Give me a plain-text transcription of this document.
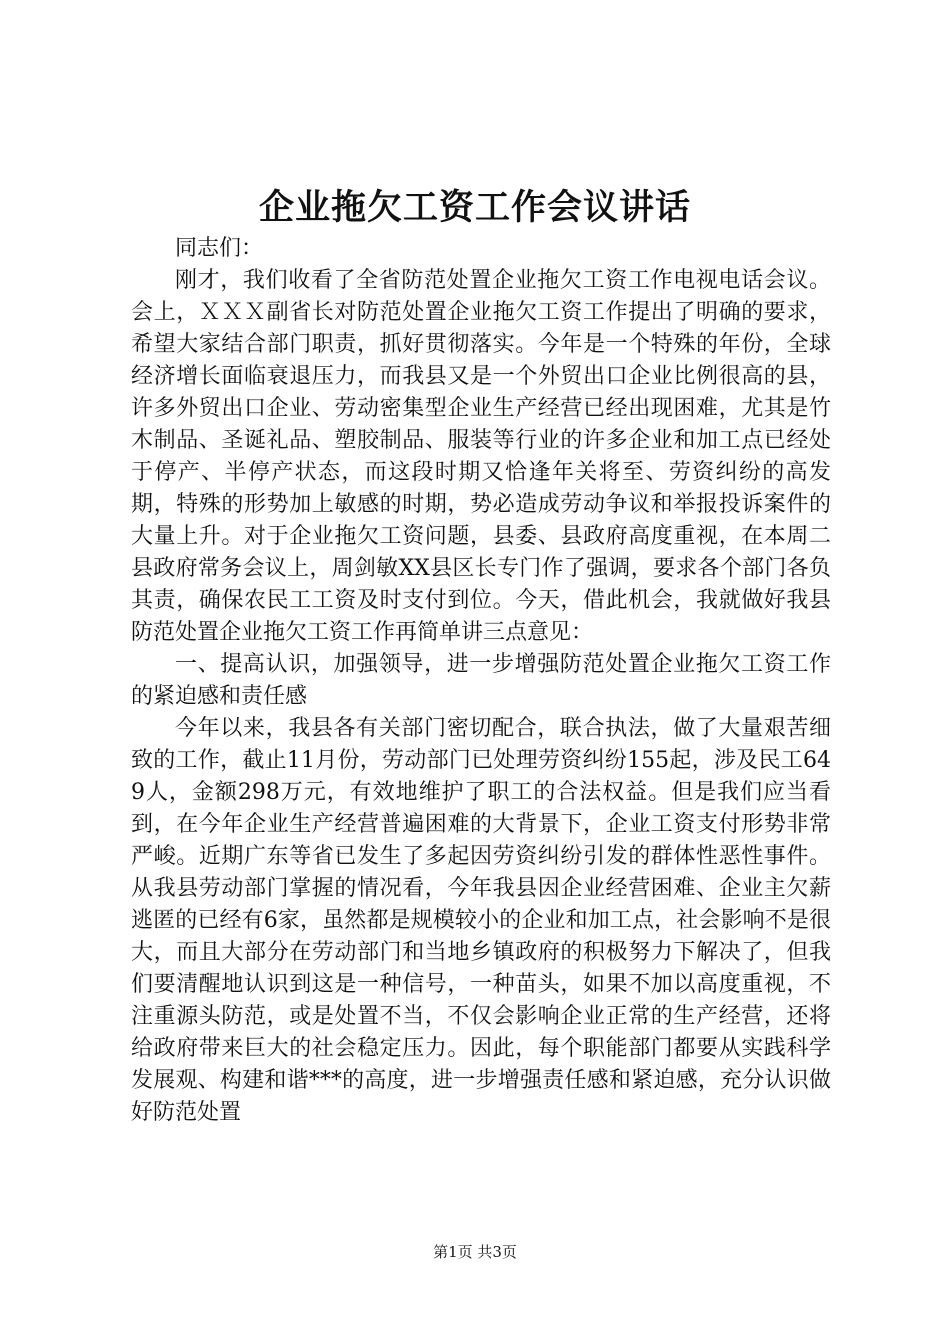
企业拖欠工资工作会议讲话

同志们：

刚才，我们收看了全省防范处置企业拖欠工资工作电视电话会议。会上，ＸＸＸ副省长对防范处置企业拖欠工资工作提出了明确的要求，希望大家结合部门职责，抓好贯彻落实。今年是一个特殊的年份，全球经济增长面临衰退压力，而我县又是一个外贸出口企业比例很高的县，许多外贸出口企业、劳动密集型企业生产经营已经出现困难，尤其是竹木制品、圣诞礼品、塑胶制品、服装等行业的许多企业和加工点已经处于停产、半停产状态，而这段时期又恰逢年关将至、劳资纠纷的高发期，特殊的形势加上敏感的时期，势必造成劳动争议和举报投诉案件的大量上升。对于企业拖欠工资问题，县委、县政府高度重视，在本周二县政府常务会议上，周剑敏XX县区长专门作了强调，要求各个部门各负其责，确保农民工工资及时支付到位。今天，借此机会，我就做好我县防范处置企业拖欠工资工作再简单讲三点意见：

一、提高认识，加强领导，进一步增强防范处置企业拖欠工资工作的紧迫感和责任感

今年以来，我县各有关部门密切配合，联合执法，做了大量艰苦细致的工作，截止11月份，劳动部门已处理劳资纠纷155起，涉及民工649人，金额298万元，有效地维护了职工的合法权益。但是我们应当看到，在今年企业生产经营普遍困难的大背景下，企业工资支付形势非常严峻。近期广东等省已发生了多起因劳资纠纷引发的群体性恶性事件。从我县劳动部门掌握的情况看，今年我县因企业经营困难、企业主欠薪逃匿的已经有6家，虽然都是规模较小的企业和加工点，社会影响不是很大，而且大部分在劳动部门和当地乡镇政府的积极努力下解决了，但我们要清醒地认识到这是一种信号，一种苗头，如果不加以高度重视，不注重源头防范，或是处置不当，不仅会影响企业正常的生产经营，还将给政府带来巨大的社会稳定压力。因此，每个职能部门都要从实践科学发展观、构建和谐***的高度，进一步增强责任感和紧迫感，充分认识做好防范处置

第1页 共3页
